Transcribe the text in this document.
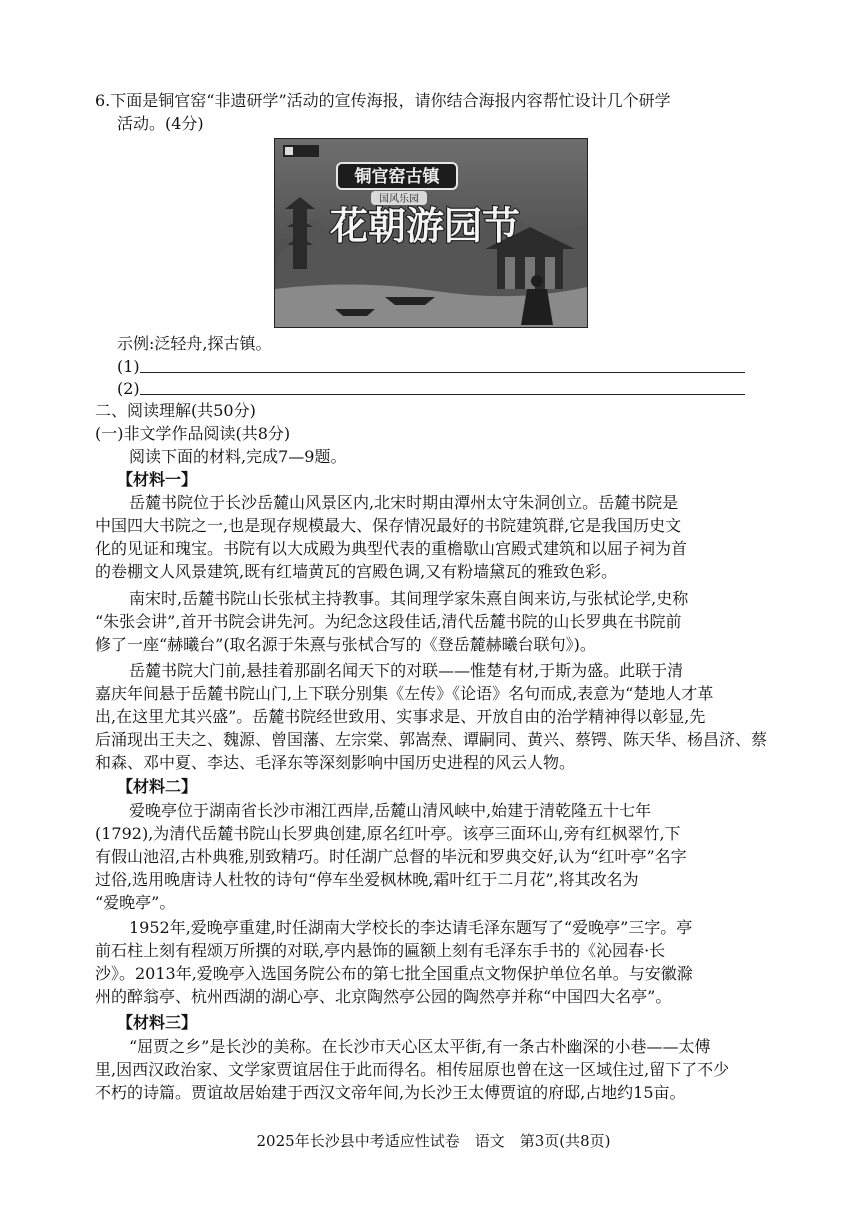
6.下面是铜官窑“非遗研学”活动的宣传海报，请你结合海报内容帮忙设计几个研学
活动。(4分)
铜官窑古镇
国风乐园
花朝游园节
示例:泛轻舟,探古镇。
(1)
(2)
二、阅读理解(共50分)
(一)非文学作品阅读(共8分)
阅读下面的材料,完成7—9题。
【材料一】
岳麓书院位于长沙岳麓山风景区内,北宋时期由潭州太守朱洞创立。岳麓书院是
中国四大书院之一,也是现存规模最大、保存情况最好的书院建筑群,它是我国历史文
化的见证和瑰宝。书院有以大成殿为典型代表的重檐歇山宫殿式建筑和以屈子祠为首
的卷棚文人风景建筑,既有红墙黄瓦的宫殿色调,又有粉墙黛瓦的雅致色彩。
南宋时,岳麓书院山长张栻主持教事。其间理学家朱熹自闽来访,与张栻论学,史称
“朱张会讲”,首开书院会讲先河。为纪念这段佳话,清代岳麓书院的山长罗典在书院前
修了一座“赫曦台”(取名源于朱熹与张栻合写的《登岳麓赫曦台联句》)。
岳麓书院大门前,悬挂着那副名闻天下的对联——惟楚有材,于斯为盛。此联于清
嘉庆年间悬于岳麓书院山门,上下联分别集《左传》《论语》名句而成,表意为“楚地人才革
出,在这里尤其兴盛”。岳麓书院经世致用、实事求是、开放自由的治学精神得以彰显,先
后涌现出王夫之、魏源、曾国藩、左宗棠、郭嵩焘、谭嗣同、黄兴、蔡锷、陈天华、杨昌济、蔡
和森、邓中夏、李达、毛泽东等深刻影响中国历史进程的风云人物。
【材料二】
爱晚亭位于湖南省长沙市湘江西岸,岳麓山清风峡中,始建于清乾隆五十七年
(1792),为清代岳麓书院山长罗典创建,原名红叶亭。该亭三面环山,旁有红枫翠竹,下
有假山池沼,古朴典雅,别致精巧。时任湖广总督的毕沅和罗典交好,认为“红叶亭”名字
过俗,选用晚唐诗人杜牧的诗句“停车坐爱枫林晚,霜叶红于二月花”,将其改名为
“爱晚亭”。
1952年,爱晚亭重建,时任湖南大学校长的李达请毛泽东题写了“爱晚亭”三字。亭
前石柱上刻有程颂万所撰的对联,亭内悬饰的匾额上刻有毛泽东手书的《沁园春·长
沙》。2013年,爱晚亭入选国务院公布的第七批全国重点文物保护单位名单。与安徽滁
州的醉翁亭、杭州西湖的湖心亭、北京陶然亭公园的陶然亭并称“中国四大名亭”。
【材料三】
“屈贾之乡”是长沙的美称。在长沙市天心区太平街,有一条古朴幽深的小巷——太傅
里,因西汉政治家、文学家贾谊居住于此而得名。相传屈原也曾在这一区域住过,留下了不少
不朽的诗篇。贾谊故居始建于西汉文帝年间,为长沙王太傅贾谊的府邸,占地约15亩。
2025年长沙县中考适应性试卷　语文　第3页(共8页)
